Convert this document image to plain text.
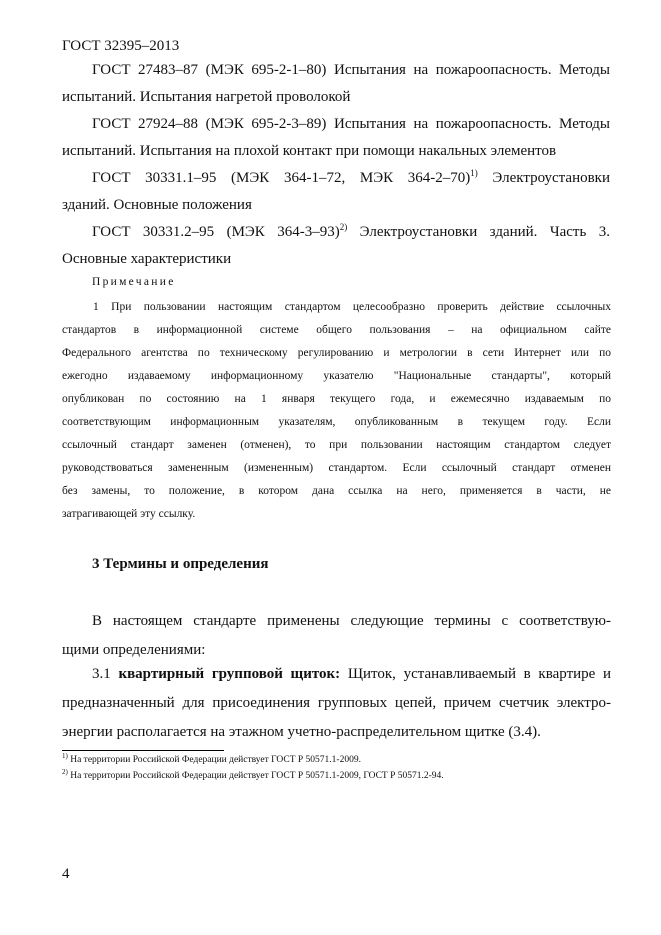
ГОСТ 32395–2013

ГОСТ 27483–87 (МЭК 695-2-1–80) Испытания на пожароопасность. Методы
испытаний. Испытания нагретой проволокой

ГОСТ 27924–88 (МЭК 695-2-3–89) Испытания на пожароопасность. Методы
испытаний. Испытания на плохой контакт при помощи накальных элементов

ГОСТ 30331.1–95 (МЭК 364-1–72, МЭК 364-2–70)$^{1)}$ Электроустановки
зданий. Основные положения

ГОСТ 30331.2–95 (МЭК 364-3–93)$^{2)}$ Электроустановки зданий. Часть 3.
Основные характеристики

Примечание

1 При пользовании настоящим стандартом целесообразно проверить действие ссылочных
стандартов в информационной системе общего пользования – на официальном сайте
Федерального агентства по техническому регулированию и метрологии в сети Интернет или по
ежегодно издаваемому информационному указателю "Национальные стандарты", который
опубликован по состоянию на 1 января текущего года, и ежемесячно издаваемым по
соответствующим информационным указателям, опубликованным в текущем году. Если
ссылочный стандарт заменен (отменен), то при пользовании настоящим стандартом следует
руководствоваться замененным (измененным) стандартом. Если ссылочный стандарт отменен
без замены, то положение, в котором дана ссылка на него, применяется в части, не
затрагивающей эту ссылку.

3 Термины и определения

В настоящем стандарте применены следующие термины с соответствую-
щими определениями:

3.1 квартирный групповой щиток: Щиток, устанавливаемый в квартире и
предназначенный для присоединения групповых цепей, причем счетчик электро-
энергии располагается на этажном учетно-распределительном щитке (3.4).

$^{1)}$ На территории Российской Федерации действует ГОСТ Р 50571.1-2009.
$^{2)}$ На территории Российской Федерации действует ГОСТ Р 50571.1-2009, ГОСТ Р 50571.2-94.
4
